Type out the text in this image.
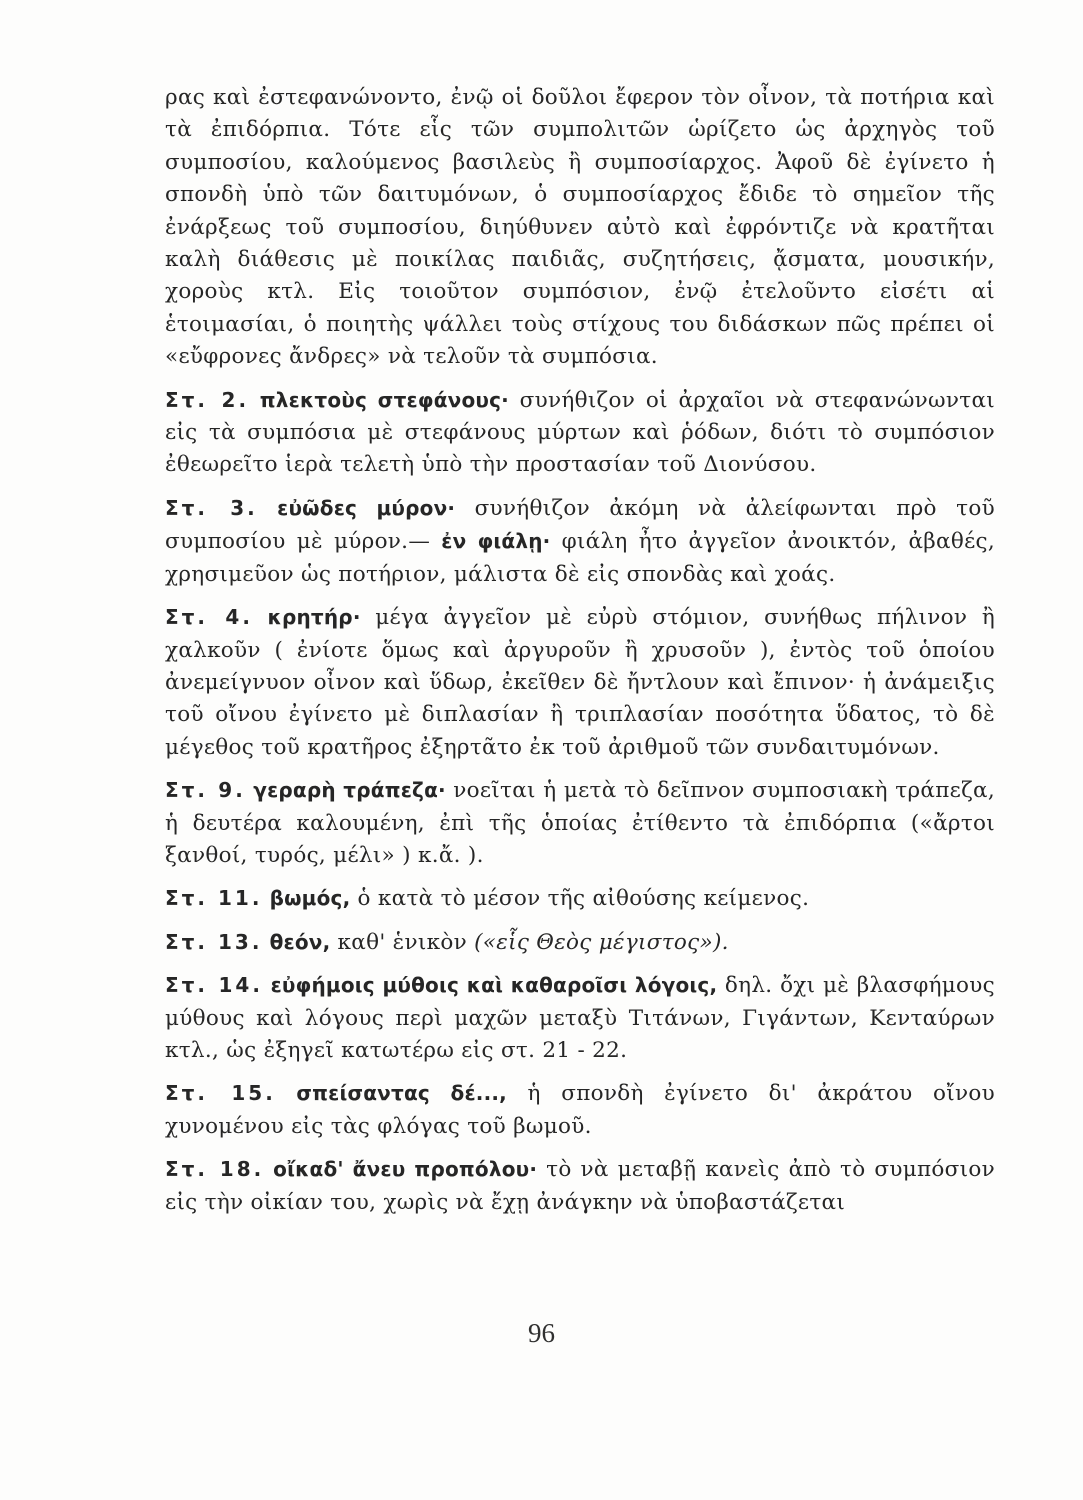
ρας καὶ ἐστεφανώνοντο, ἐνῷ οἱ δοῦλοι ἔφερον τὸν οἶνον, τὰ ποτήρια καὶ τὰ ἐπιδόρπια. Τότε εἷς τῶν συμπολιτῶν ὡρίζετο ὡς ἀρχηγὸς τοῦ συμποσίου, καλούμενος βασιλεὺς ἢ συμποσίαρχος. Ἀφοῦ δὲ ἐγίνετο ἡ σπονδὴ ὑπὸ τῶν δαιτυμόνων, ὁ συμποσίαρχος ἔδιδε τὸ σημεῖον τῆς ἐνάρξεως τοῦ συμποσίου, διηύθυνεν αὐτὸ καὶ ἐφρόντιζε νὰ κρατῆται καλὴ διάθεσις μὲ ποικίλας παιδιᾶς, συζητήσεις, ᾄσματα, μουσικήν, χοροὺς κτλ. Εἰς τοιοῦτον συμπόσιον, ἐνῷ ἐτελοῦντο εἰσέτι αἱ ἑτοιμασίαι, ὁ ποιητὴς ψάλλει τοὺς στίχους του διδάσκων πῶς πρέπει οἱ «εὔφρονες ἄνδρες» νὰ τελοῦν τὰ συμπόσια.

Στ. 2. πλεκτοὺς στεφάνους· συνήθιζον οἱ ἀρχαῖοι νὰ στεφανώνωνται εἰς τὰ συμπόσια μὲ στεφάνους μύρτων καὶ ῥόδων, διότι τὸ συμπόσιον ἐθεωρεῖτο ἱερὰ τελετὴ ὑπὸ τὴν προστασίαν τοῦ Διονύσου.

Στ. 3. εὐῶδες μύρον· συνήθιζον ἀκόμη νὰ ἀλείφωνται πρὸ τοῦ συμποσίου μὲ μύρον.— ἐν φιάλῃ· φιάλη ἦτο ἀγγεῖον ἀνοικτόν, ἀβαθές, χρησιμεῦον ὡς ποτήριον, μάλιστα δὲ εἰς σπονδὰς καὶ χοάς.

Στ. 4. κρητήρ· μέγα ἀγγεῖον μὲ εὐρὺ στόμιον, συνήθως πήλινον ἢ χαλκοῦν ( ἐνίοτε ὅμως καὶ ἀργυροῦν ἢ χρυσοῦν ), ἐντὸς τοῦ ὁποίου ἀνεμείγνυον οἶνον καὶ ὕδωρ, ἐκεῖθεν δὲ ἤντλουν καὶ ἔπινον· ἡ ἀνάμειξις τοῦ οἴνου ἐγίνετο μὲ διπλασίαν ἢ τριπλασίαν ποσότητα ὕδατος, τὸ δὲ μέγεθος τοῦ κρατῆρος ἐξηρτᾶτο ἐκ τοῦ ἀριθμοῦ τῶν συνδαιτυμόνων.

Στ. 9. γεραρὴ τράπεζα· νοεῖται ἡ μετὰ τὸ δεῖπνον συμποσιακὴ τράπεζα, ἡ δευτέρα καλουμένη, ἐπὶ τῆς ὁποίας ἐτίθεντο τὰ ἐπιδόρπια («ἄρτοι ξανθοί, τυρός, μέλι» ) κ.ἄ. ).

Στ. 11. βωμός, ὁ κατὰ τὸ μέσον τῆς αἰθούσης κείμενος.

Στ. 13. θεόν, καθ' ἑνικὸν («εἷς Θεὸς μέγιστος»).

Στ. 14. εὐφήμοις μύθοις καὶ καθαροῖσι λόγοις, δηλ. ὄχι μὲ βλασφήμους μύθους καὶ λόγους περὶ μαχῶν μεταξὺ Τιτάνων, Γιγάντων, Κενταύρων κτλ., ὡς ἐξηγεῖ κατωτέρω εἰς στ. 21 - 22.

Στ. 15. σπείσαντας δέ..., ἡ σπονδὴ ἐγίνετο δι' ἀκράτου οἴνου χυνομένου εἰς τὰς φλόγας τοῦ βωμοῦ.

Στ. 18. οἴκαδ' ἄνευ προπόλου· τὸ νὰ μεταβῇ κανεὶς ἀπὸ τὸ συμπόσιον εἰς τὴν οἰκίαν του, χωρὶς νὰ ἔχῃ ἀνάγκην νὰ ὑποβαστάζεται

96
